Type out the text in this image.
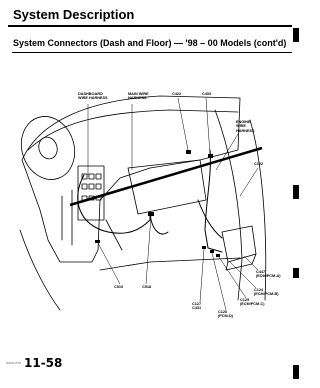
System Description
System Connectors (Dash and Floor) — '98 – 00 Models (cont'd)
DASHBOARD
WIRE HARNESS
MAIN WIRE
HARNESS
C422	C453
ENGINE
WIRE
HARNESS
C122
C447
(ECM/PCM-A)
C124
(ECM/PCM-B)
C125
(ECM/PCM-C)
C126
(PCM-D)
C127
C431
C519	C518
www.em 11-58
